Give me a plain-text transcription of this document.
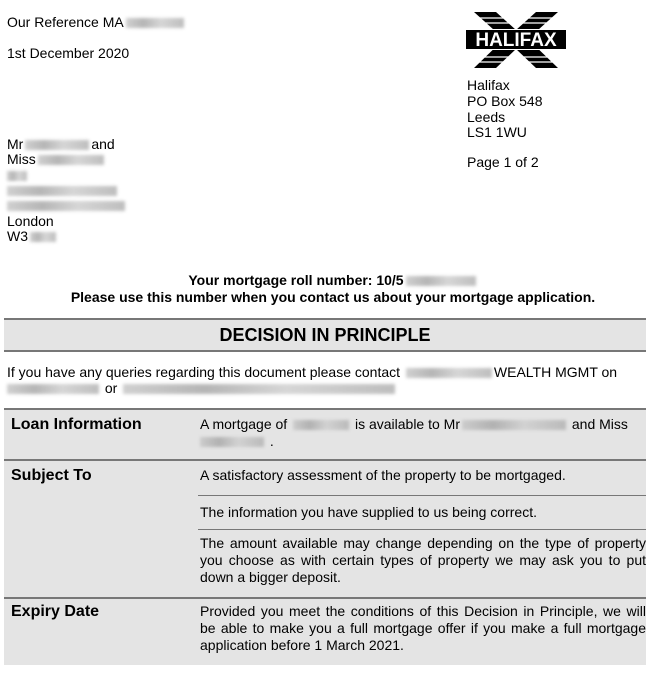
Our Reference MA
1st December 2020
HALIFAX
Halifax
PO Box 548
Leeds
LS1 1WU
Page 1 of 2
Mr	and
Miss
London
W3
Your mortgage roll number: 10/5
Please use this number when you contact us about your mortgage application.
DECISION IN PRINCIPLE
If you have any queries regarding this document please contact	WEALTH MGMT on
or
Loan Information	A mortgage of	is available to Mr	and Miss
.
Subject To	A satisfactory assessment of the property to be mortgaged.
The information you have supplied to us being correct.
The amount available may change depending on the type of property you choose as with certain types of property we may ask you to put down a bigger deposit.
Expiry Date	Provided you meet the conditions of this Decision in Principle, we will be able to make you a full mortgage offer if you make a full mortgage application before 1 March 2021.
